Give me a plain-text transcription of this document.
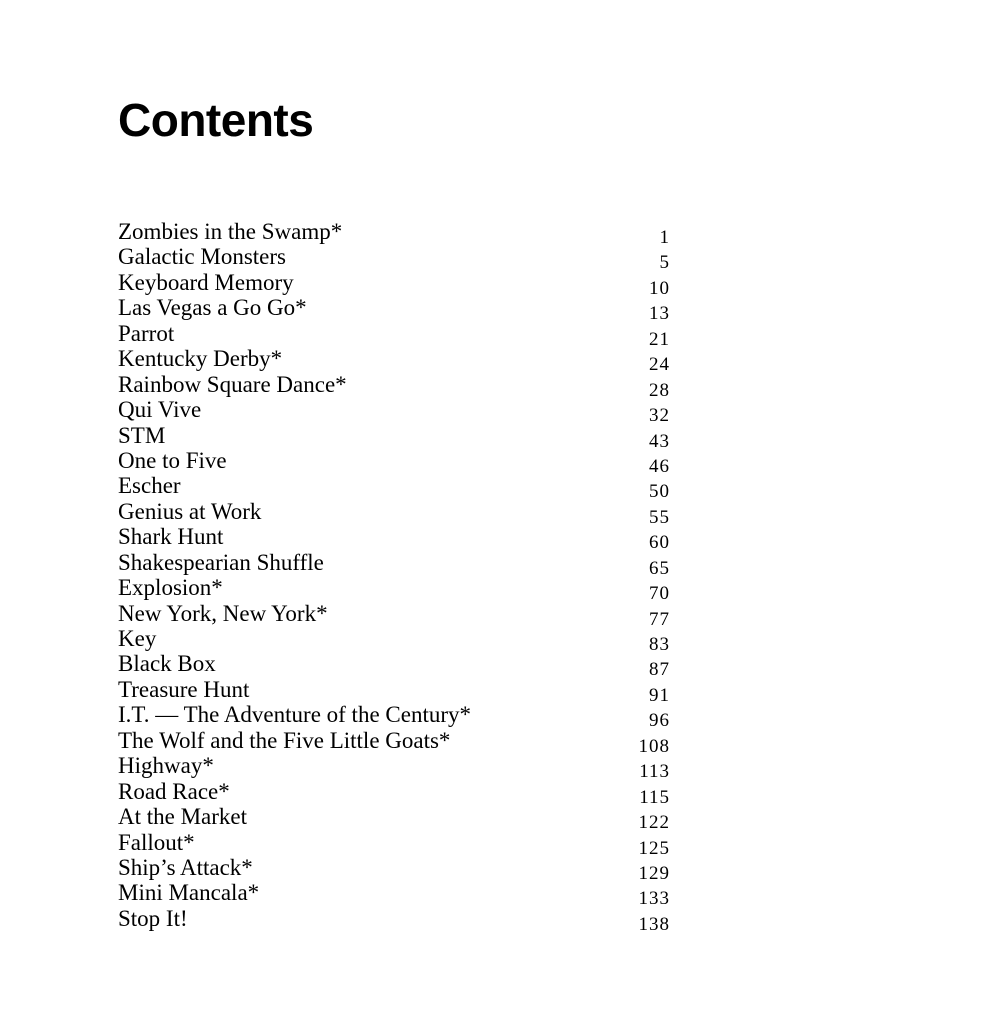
Contents
Zombies in the Swamp*	1
Galactic Monsters	5
Keyboard Memory	10
Las Vegas a Go Go*	13
Parrot	21
Kentucky Derby*	24
Rainbow Square Dance*	28
Qui Vive	32
STM	43
One to Five	46
Escher	50
Genius at Work	55
Shark Hunt	60
Shakespearian Shuffle	65
Explosion*	70
New York, New York*	77
Key	83
Black Box	87
Treasure Hunt	91
I.T. — The Adventure of the Century*	96
The Wolf and the Five Little Goats*	108
Highway*	113
Road Race*	115
At the Market	122
Fallout*	125
Ship’s Attack*	129
Mini Mancala*	133
Stop It!	138
